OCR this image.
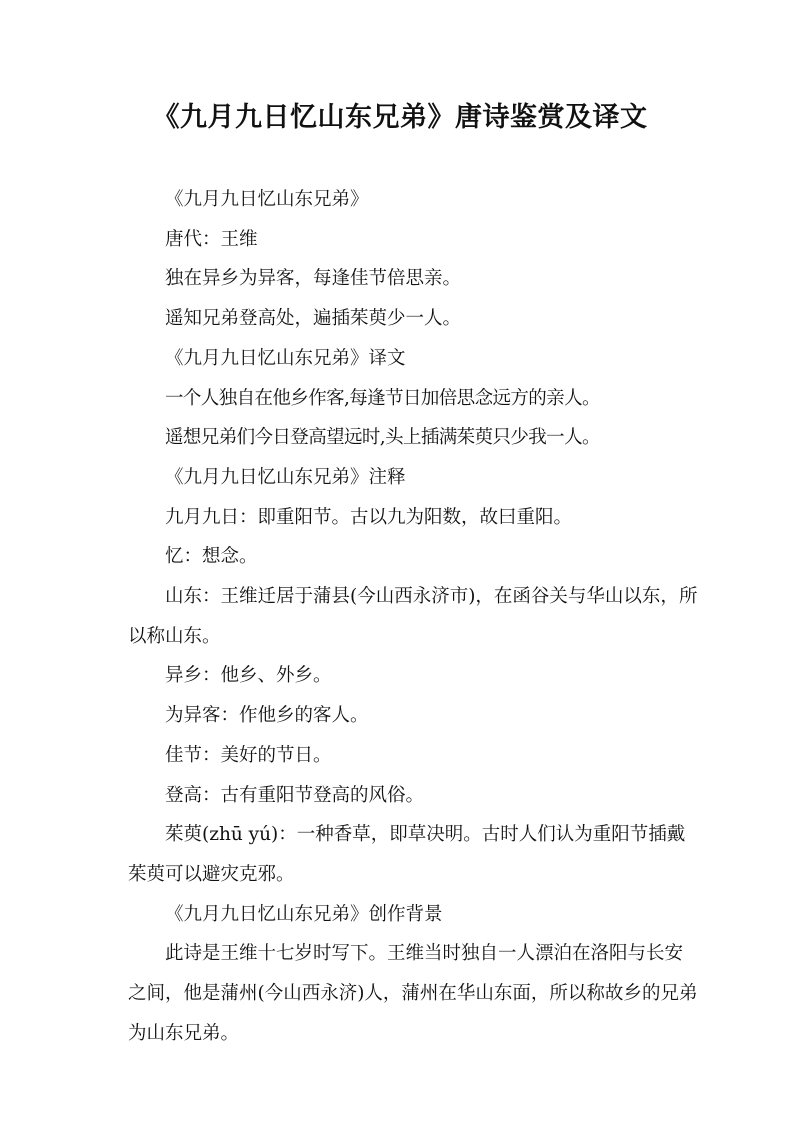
《九月九日忆山东兄弟》唐诗鉴赏及译文

《九月九日忆山东兄弟》

唐代：王维

独在异乡为异客，每逢佳节倍思亲。

遥知兄弟登高处，遍插茱萸少一人。

《九月九日忆山东兄弟》译文

一个人独自在他乡作客,每逢节日加倍思念远方的亲人。

遥想兄弟们今日登高望远时,头上插满茱萸只少我一人。

《九月九日忆山东兄弟》注释

九月九日：即重阳节。古以九为阳数，故曰重阳。

忆：想念。

山东：王维迁居于蒲县(今山西永济市)，在函谷关与华山以东，所以称山东。

异乡：他乡、外乡。

为异客：作他乡的客人。

佳节：美好的节日。

登高：古有重阳节登高的风俗。

茱萸(zhū yú)：一种香草，即草决明。古时人们认为重阳节插戴茱萸可以避灾克邪。

《九月九日忆山东兄弟》创作背景

此诗是王维十七岁时写下。王维当时独自一人漂泊在洛阳与长安之间，他是蒲州(今山西永济)人，蒲州在华山东面，所以称故乡的兄弟为山东兄弟。
